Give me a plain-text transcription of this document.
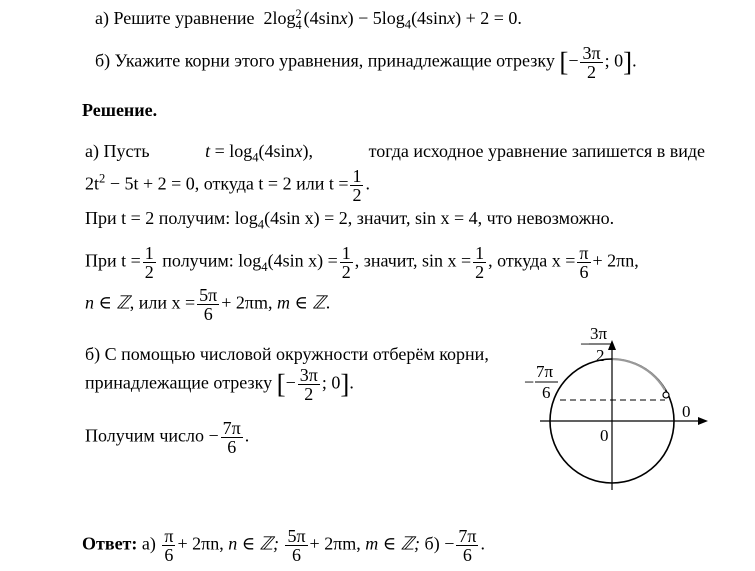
а) Решите уравнение 2log 2
4 $(4\sin x) - 5\log_4(4\sin x) + 2 = 0$.
б) Укажите корни этого уравнения, принадлежащие отрезку [− $\frac{3\pi}{2}$ ; 0].
Решение.
а) Пусть	$t = \log_4(4\sin x)$,	тогда исходное уравнение запишется в виде
$2t^2 - 5t + 2 = 0$, откуда t = 2 или $t = \frac{1}{2}$ .
При t = 2 получим: $\log_4(4\sin$ x) = 2, значит, sin x = 4, что невозможно.
При $t = \frac{1}{2}$ получим: $\log_4(4\sin$ $x) = \frac{1}{2}$ , значит, $\sin x = \frac{1}{2}$ , откуда $x = \frac{\pi}{6} + 2\pi n$,
n ∈ ℤ, или $x = \frac{5\pi}{6} + 2\pi m$, m ∈ ℤ.
б) С помощью числовой окружности отберём корни,
принадлежащие отрезку [− $\frac{3\pi}{2}$ ; 0].
Получим число − $\frac{7\pi}{6}$ .
−
3π
2
−
7π
6
0
0
Ответ: $а) \frac{\pi}{6} + 2\pi n$, n ∈ ℤ; $\frac{5\pi}{6} + 2\pi m$, m ∈ ℤ; $б) - \frac{7\pi}{6}$ .
